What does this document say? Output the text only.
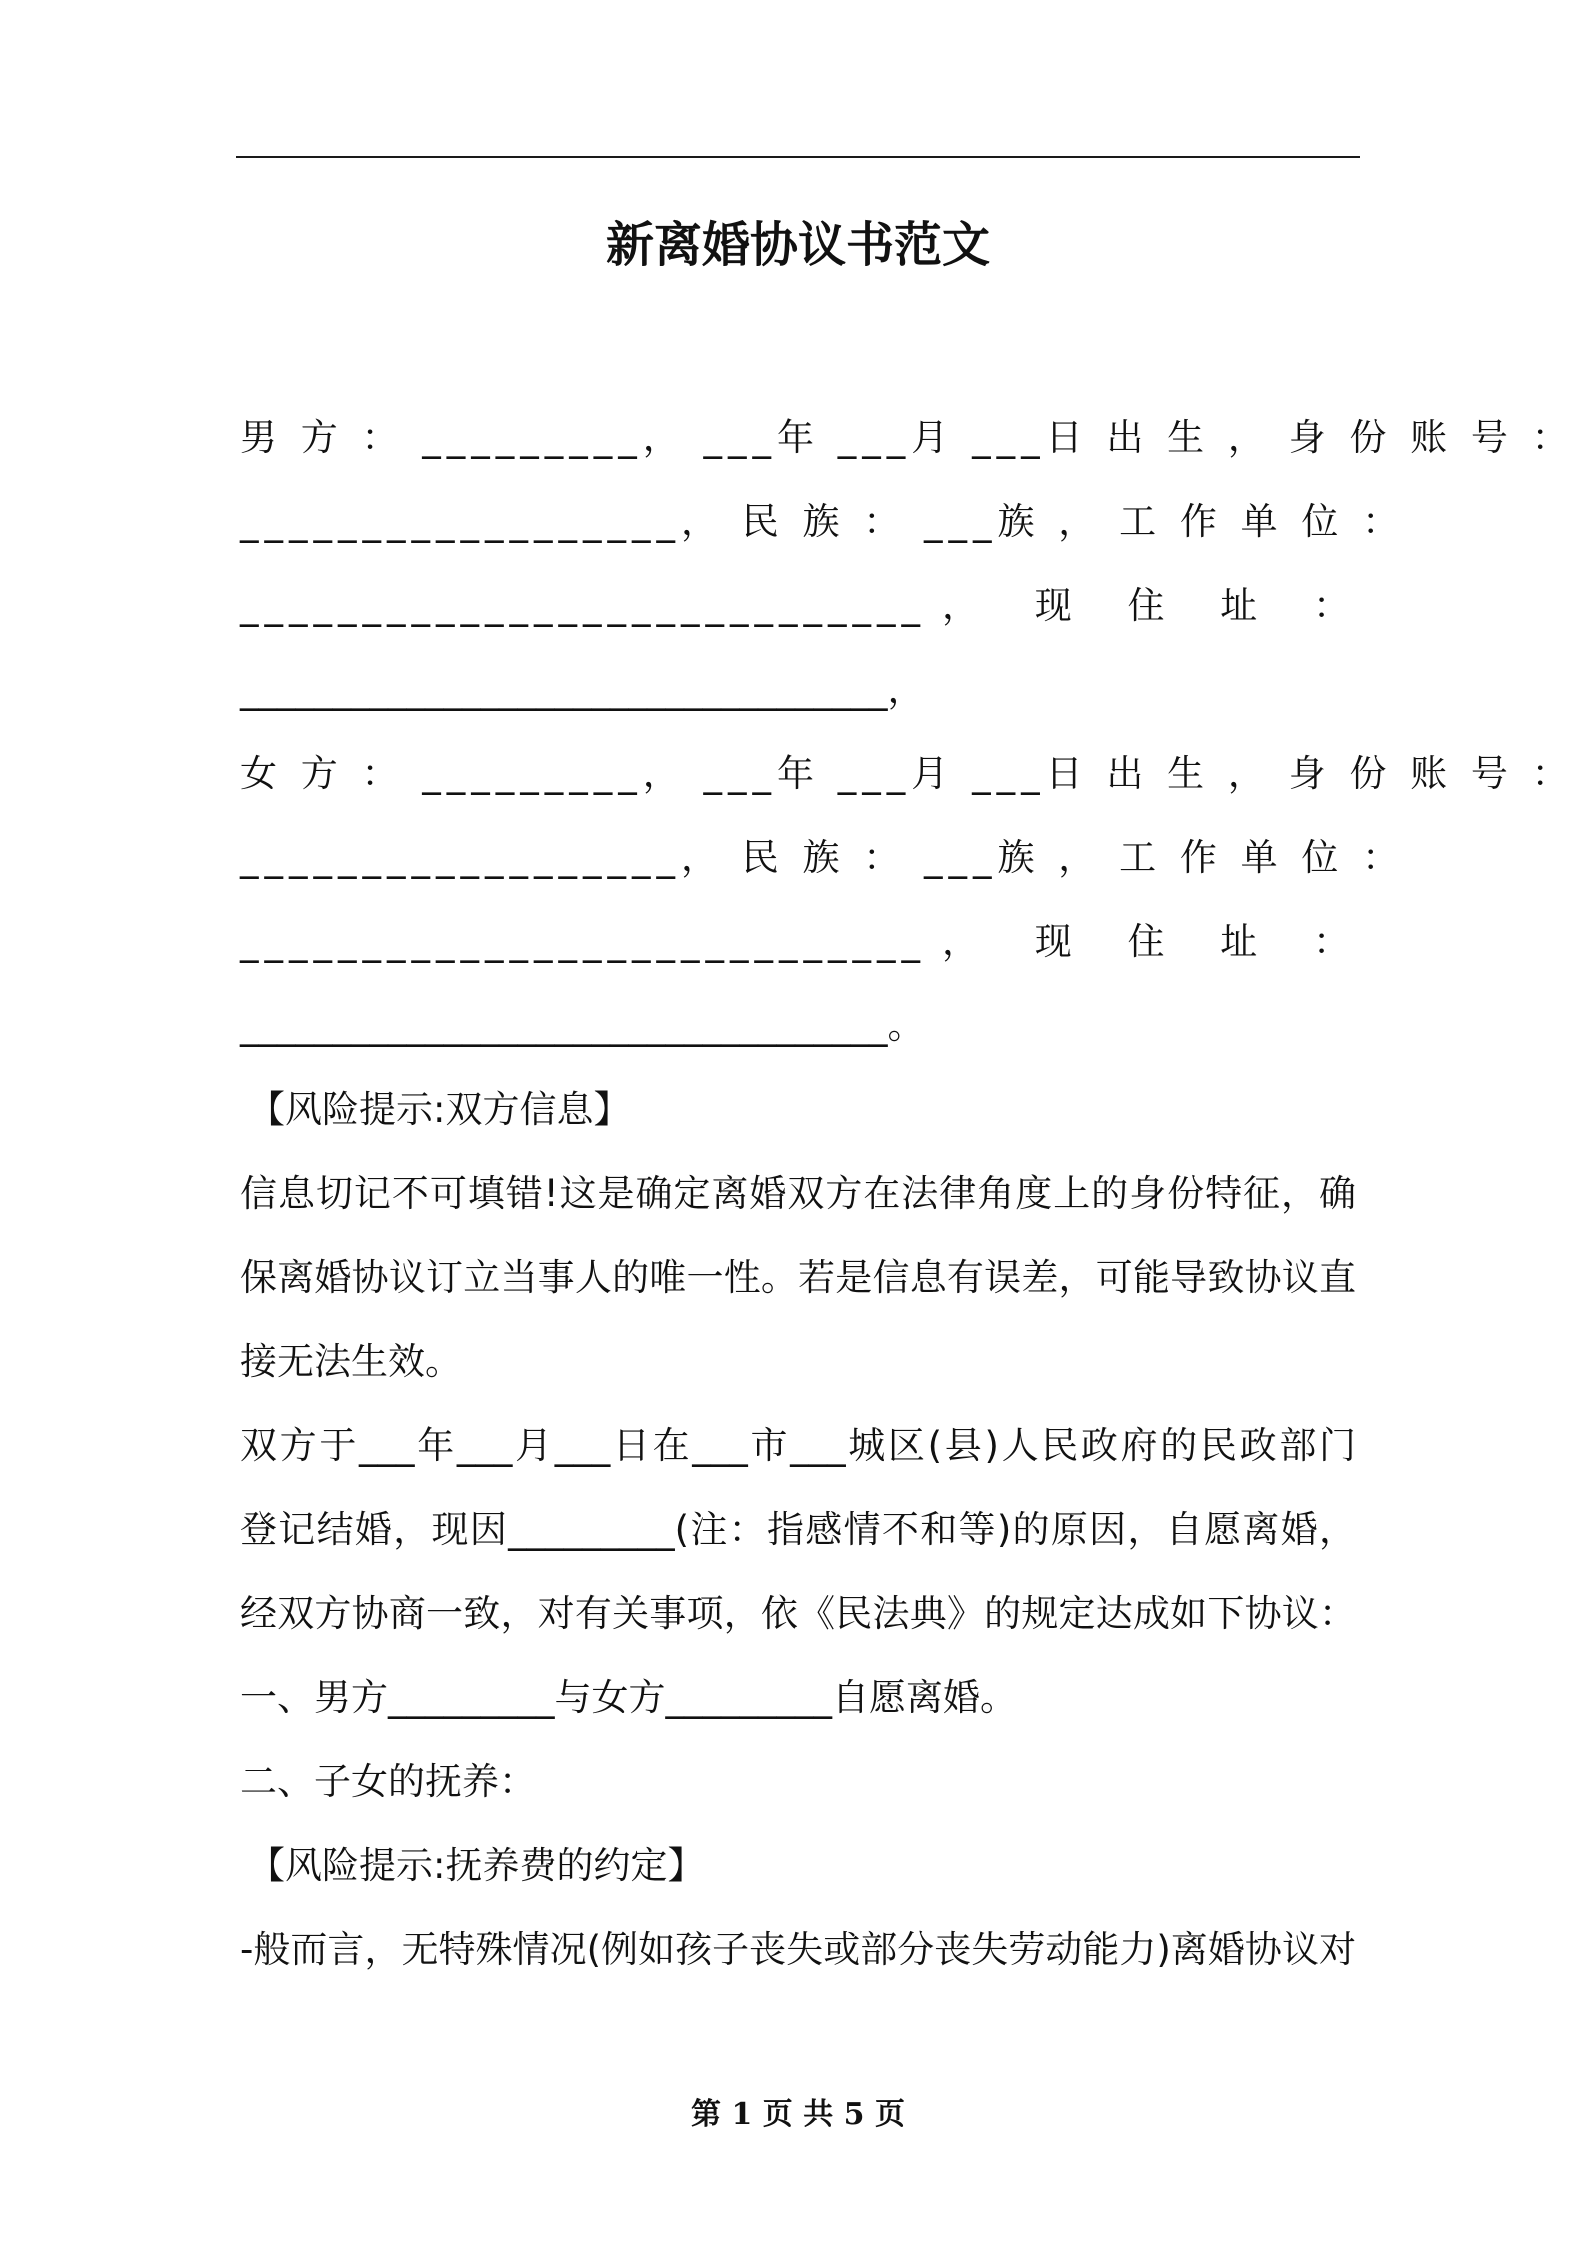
新离婚协议书范文
男 方 ： _________， ___年 ___月 ___日 出 生 ， 身 份 账 号 ：
__________________， 民 族 ： ___族 ， 工 作 单 位 ：
____________________________， 现 住 址 ：
___________________________________，
女 方 ： _________， ___年 ___月 ___日 出 生 ， 身 份 账 号 ：
__________________， 民 族 ： ___族 ， 工 作 单 位 ：
____________________________， 现 住 址 ：
___________________________________。
【风险提示:双方信息】
信息切记不可填错!这是确定离婚双方在法律角度上的身份特征，确
保离婚协议订立当事人的唯一性。若是信息有误差，可能导致协议直
接无法生效。
双方于___年___月___日在___市___城区(县)人民政府的民政部门
登记结婚，现因_________(注：指感情不和等)的原因，自愿离婚，
经双方协商一致，对有关事项，依《民法典》的规定达成如下协议：
一、男方_________与女方_________自愿离婚。
二、子女的抚养：
【风险提示:抚养费的约定】
-般而言，无特殊情况(例如孩子丧失或部分丧失劳动能力)离婚协议对
第 1 页 共 5 页
